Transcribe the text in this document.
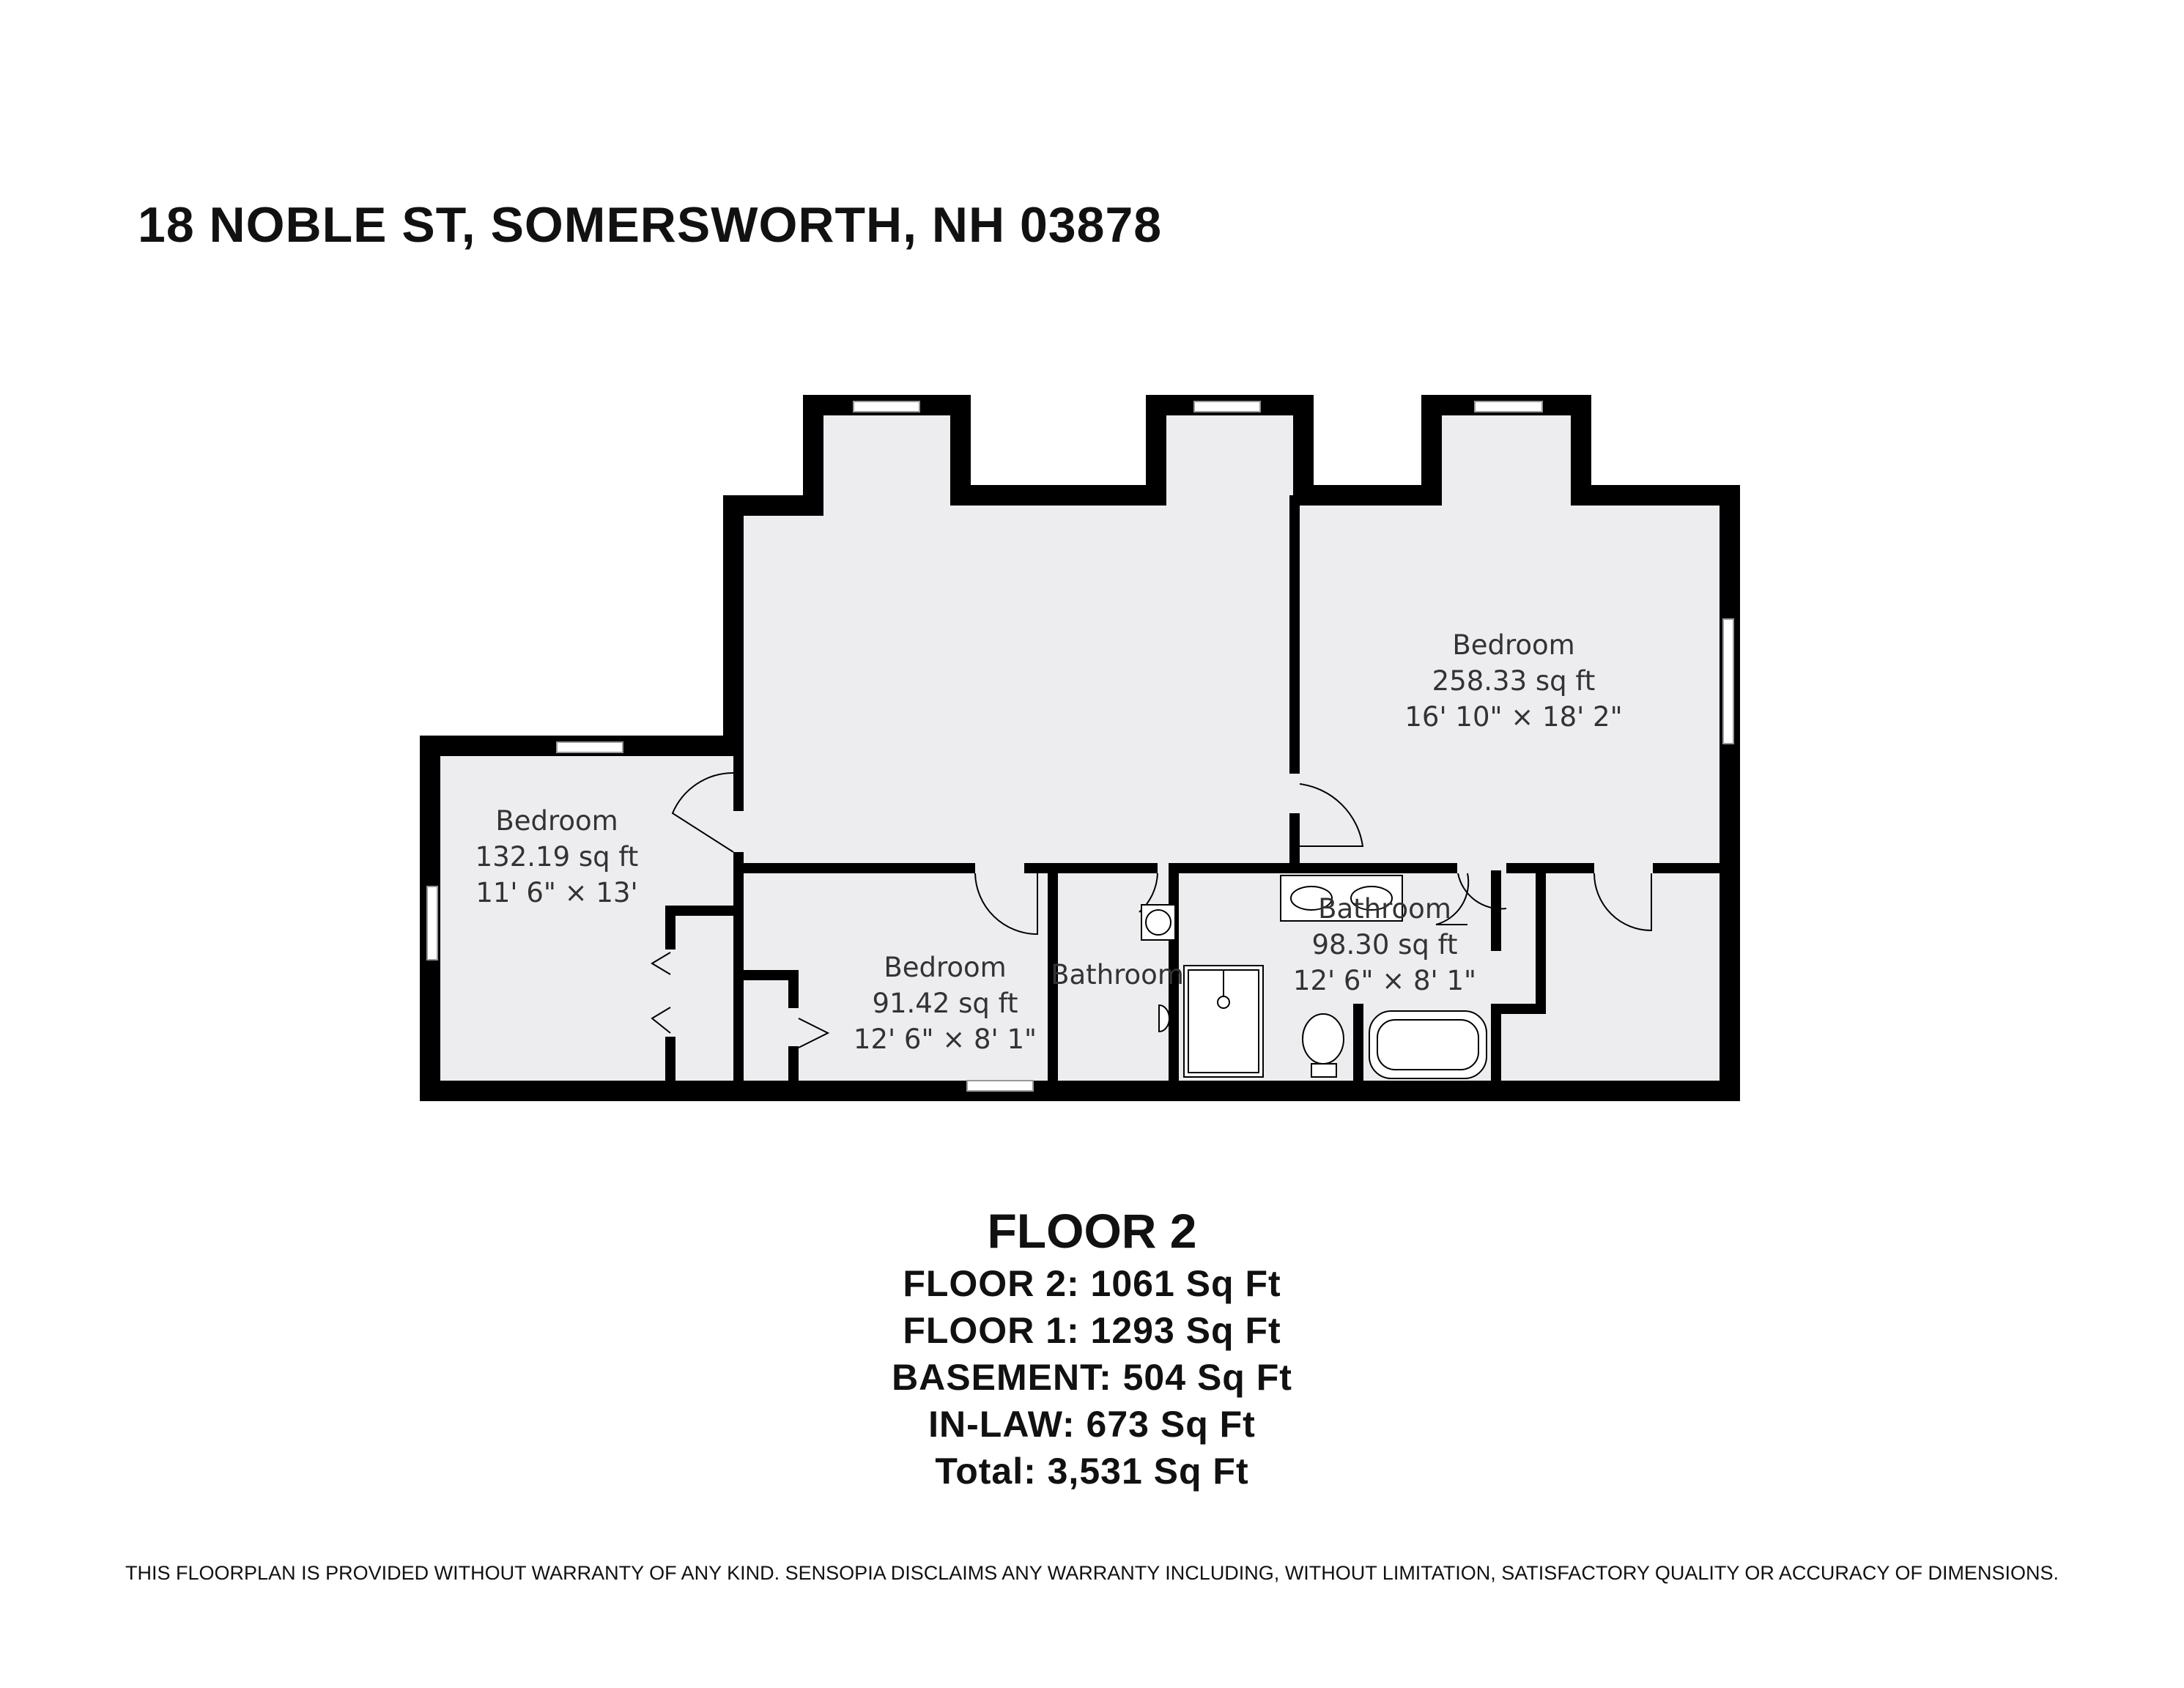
18 NOBLE ST, SOMERSWORTH, NH 03878
Bedroom
258.33 sq ft
16' 10" × 18' 2"
Bedroom
132.19 sq ft
11' 6" × 13'
Bedroom
91.42 sq ft
12' 6" × 8' 1"
Bathroom
Bathroom
98.30 sq ft
12' 6" × 8' 1"
FLOOR 2
FLOOR 2: 1061 Sq Ft
FLOOR 1: 1293 Sq Ft
BASEMENT: 504 Sq Ft
IN-LAW: 673 Sq Ft
Total: 3,531 Sq Ft
THIS FLOORPLAN IS PROVIDED WITHOUT WARRANTY OF ANY KIND. SENSOPIA DISCLAIMS ANY WARRANTY INCLUDING, WITHOUT LIMITATION, SATISFACTORY QUALITY OR ACCURACY OF DIMENSIONS.
